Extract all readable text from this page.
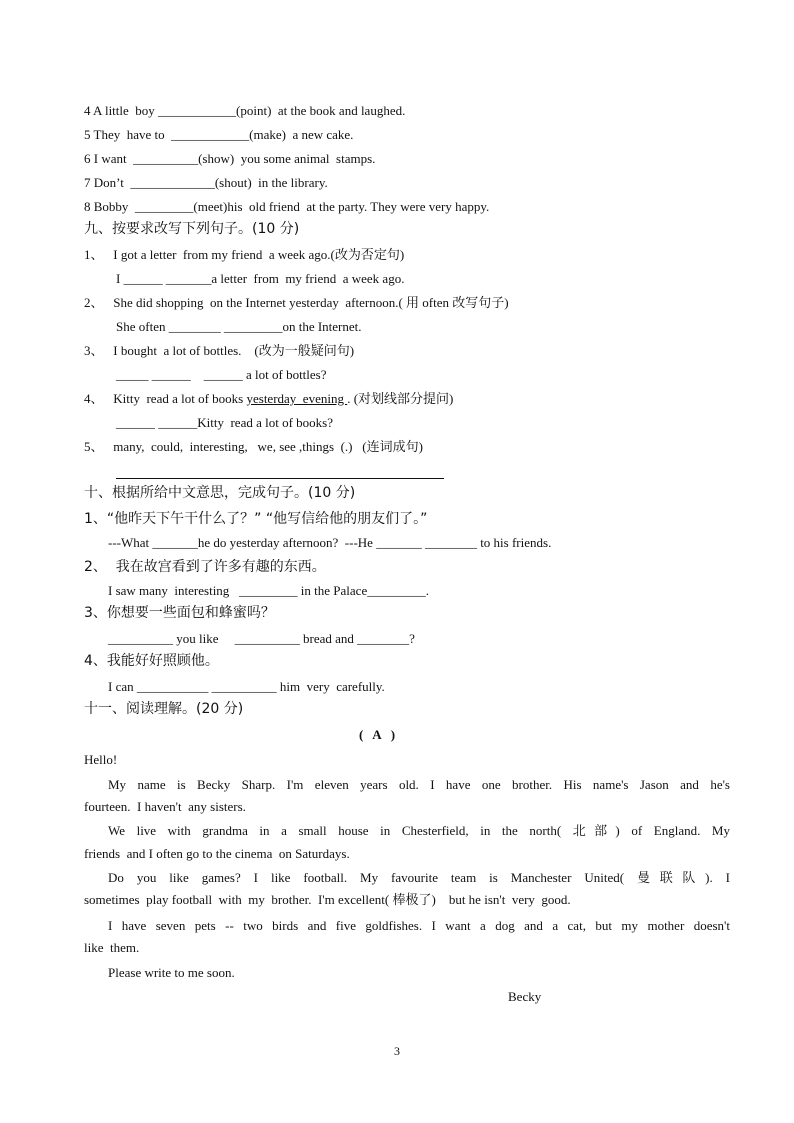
4 A little  boy ____________(point)  at the book and laughed.
5 They  have to  ____________(make)  a new cake.
6 I want  __________(show)  you some animal  stamps.
7 Don’t  _____________(shout)  in the library.
8 Bobby  _________(meet)his  old friend  at the party. They were very happy.
九、按要求改写下列句子。(10 分)
1、   I got a letter  from my friend  a week ago.(改为否定句)
I ______ _______a letter  from  my friend  a week ago.
2、   She did shopping  on the Internet yesterday  afternoon.( 用 often 改写句子)
She often ________ _________on the Internet.
3、   I bought  a lot of bottles.    (改为一般疑问句)
_____ ______    ______ a lot of bottles?
4、   Kitty  read a lot of books yesterday  evening . (对划线部分提问)
______ ______Kitty  read a lot of books?
5、   many,  could,  interesting,   we, see ,things  (.)   (连词成句)
十、根据所给中文意思，完成句子。(10 分)
1、“他昨天下午干什么了？” “他写信给他的朋友们了。”
---What _______he do yesterday afternoon?  ---He _______ ________ to his friends.
2、  我在故宫看到了许多有趣的东西。
I saw many  interesting   _________ in the Palace_________.
3、你想要一些面包和蜂蜜吗？
__________ you like     __________ bread and ________?
4、我能好好照顾他。
I can ___________ __________ him  very  carefully.
十一、阅读理解。(20 分)
(   A   )
Hello!
My name is Becky Sharp. I'm eleven years old. I have one brother. His name's Jason and he's
fourteen.  I haven't  any sisters.
We live with grandma in a small house in Chesterfield, in the north( 北部) of England. My
friends  and I often go to the cinema  on Saturdays.
Do you like games? I like football. My favourite team is Manchester United( 曼联队). I
sometimes  play football  with  my  brother.  I'm excellent( 棒极了)    but he isn't  very  good.
I have seven pets -- two birds and five goldfishes. I want a dog and a cat, but my mother doesn't
like  them.
Please write to me soon.
Becky
3
